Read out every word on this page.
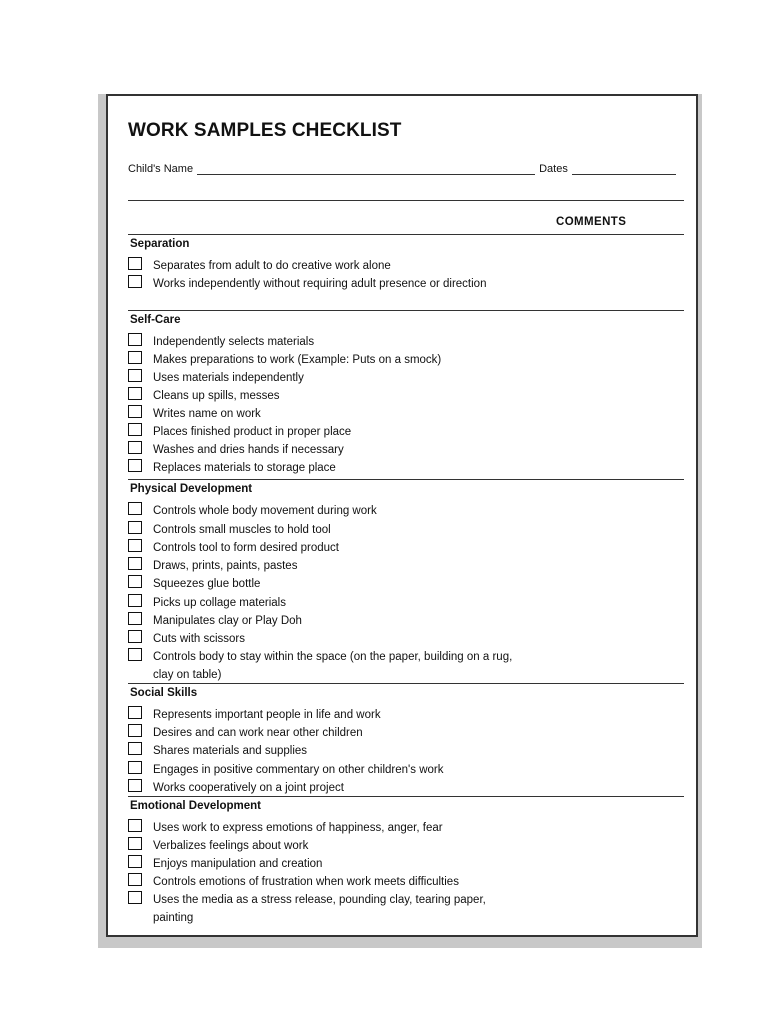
WORK SAMPLES CHECKLIST
Child's Name	Dates
COMMENTS
Separation
Separates from adult to do creative work alone
Works independently without requiring adult presence or direction
Self-Care
Independently selects materials
Makes preparations to work (Example: Puts on a smock)
Uses materials independently
Cleans up spills, messes
Writes name on work
Places finished product in proper place
Washes and dries hands if necessary
Replaces materials to storage place
Physical Development
Controls whole body movement during work
Controls small muscles to hold tool
Controls tool to form desired product
Draws, prints, paints, pastes
Squeezes glue bottle
Picks up collage materials
Manipulates clay or Play Doh
Cuts with scissors
Controls body to stay within the space (on the paper, building on a rug, clay on table)
Social Skills
Represents important people in life and work
Desires and can work near other children
Shares materials and supplies
Engages in positive commentary on other children's work
Works cooperatively on a joint project
Emotional Development
Uses work to express emotions of happiness, anger, fear
Verbalizes feelings about work
Enjoys manipulation and creation
Controls emotions of frustration when work meets difficulties
Uses the media as a stress release, pounding clay, tearing paper, painting
